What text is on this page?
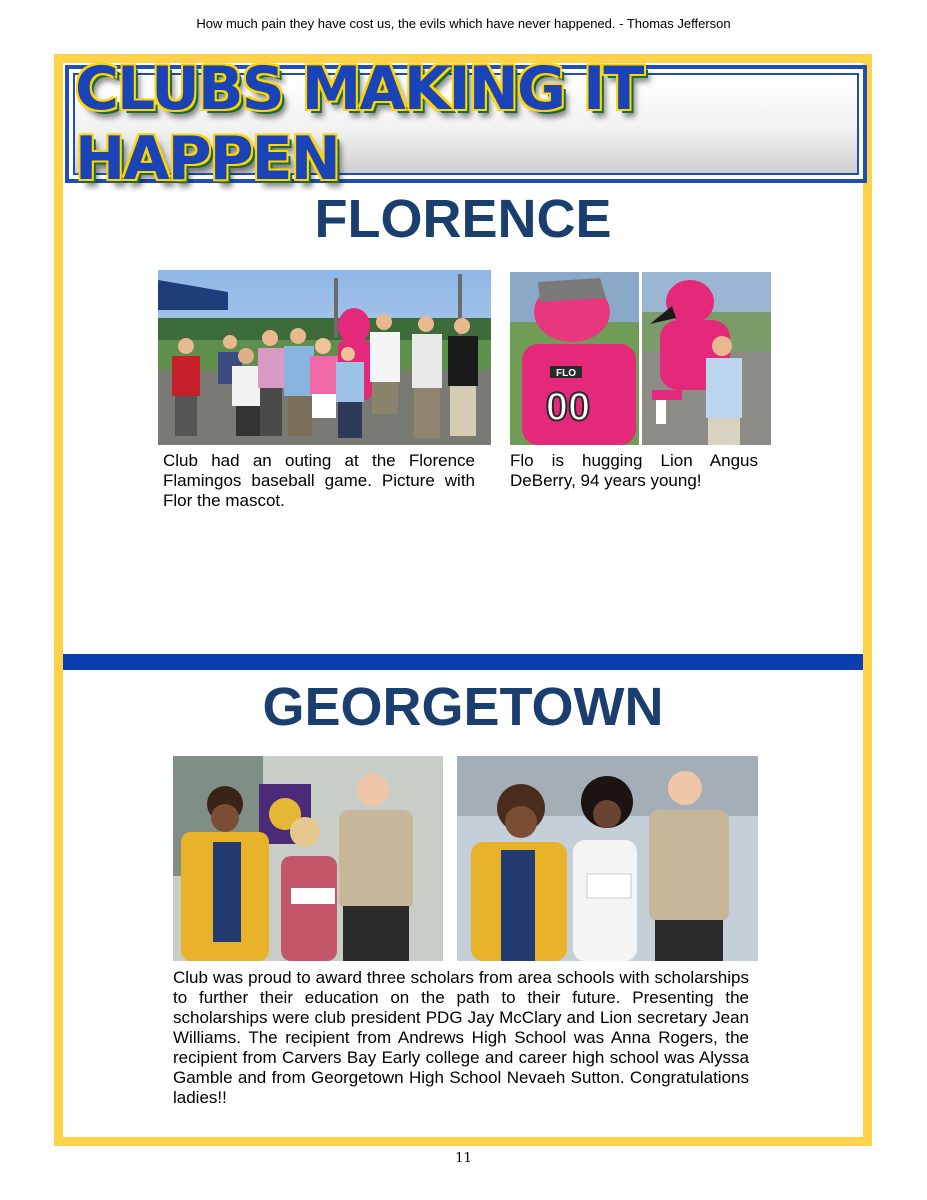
How much pain they have cost us, the evils which have never happened. - Thomas Jefferson
CLUBS MAKING IT HAPPEN
FLORENCE
FLO
00
Club had an outing at the Florence Flamingos baseball game. Picture with Flor the mascot.
Flo is hugging Lion Angus DeBerry, 94 years young!
GEORGETOWN
Club was proud to award three scholars from area schools with scholarships to further their education on the path to their future. Presenting the scholarships were club president PDG Jay McClary and Lion secretary Jean Williams. The recipient from Andrews High School was Anna Rogers, the recipient from Carvers Bay Early college and career high school was Alyssa Gamble and from Georgetown High School Nevaeh Sutton. Congratulations ladies!!
11
